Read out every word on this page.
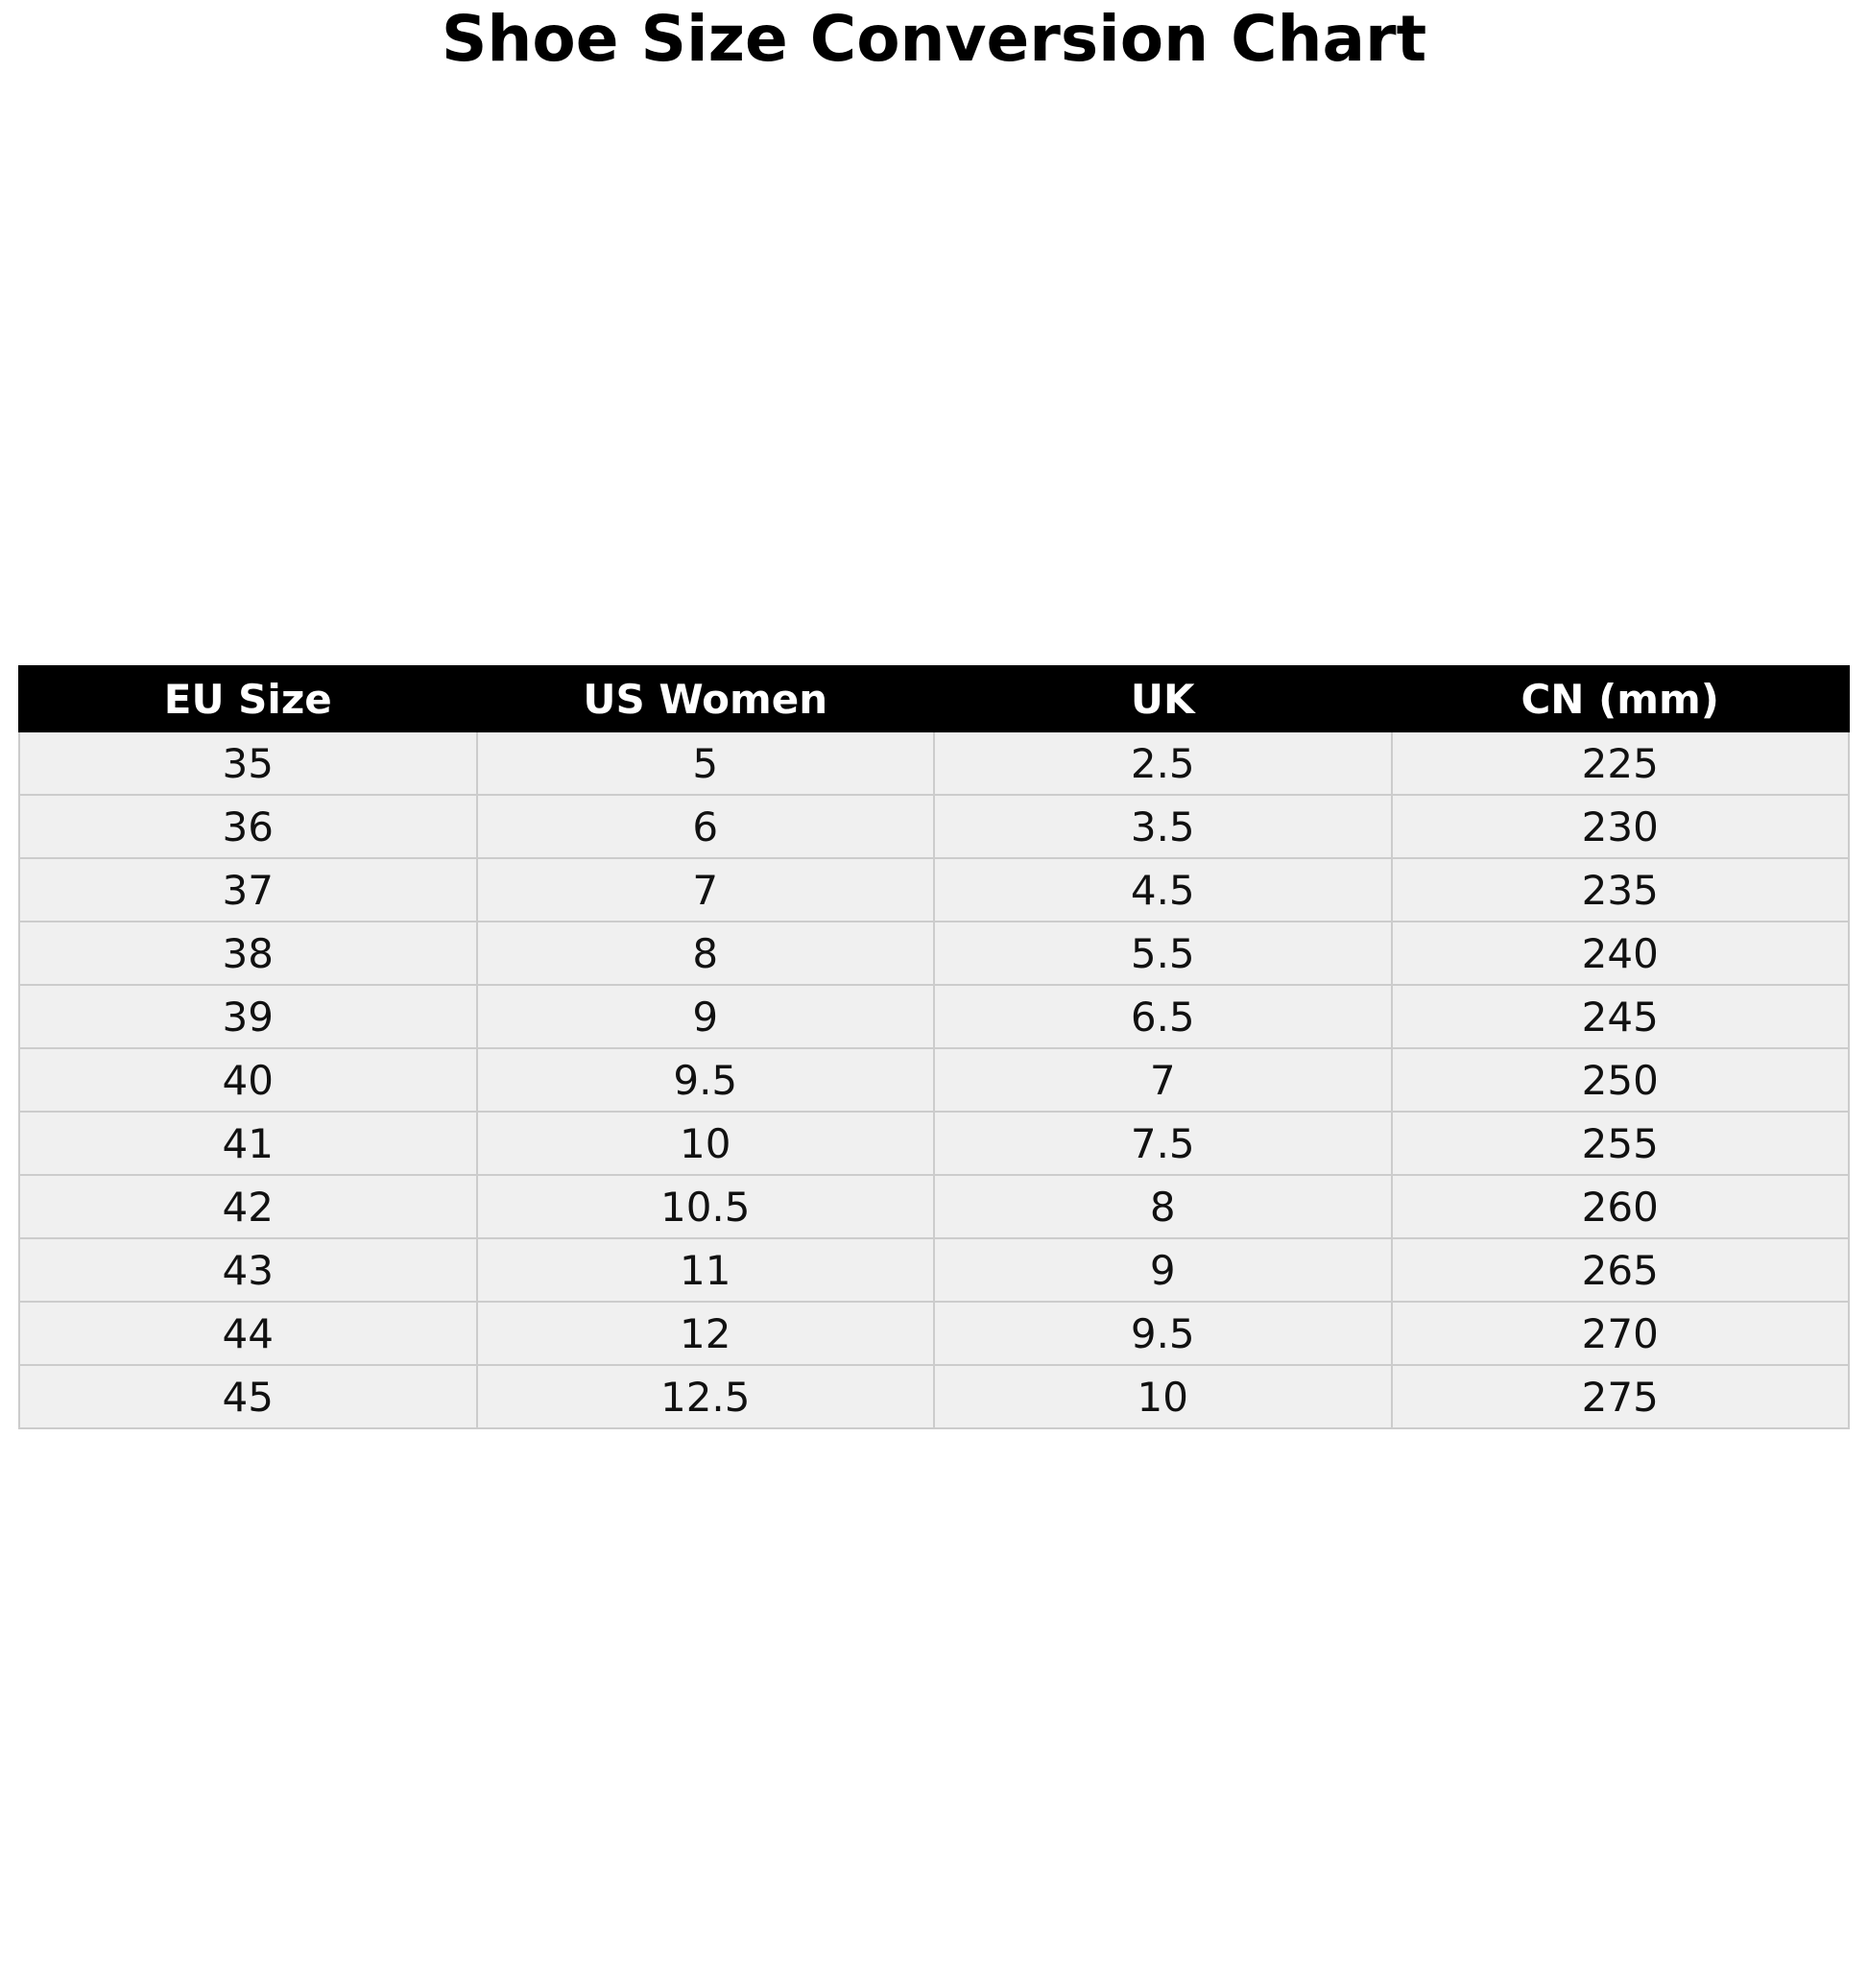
Shoe Size Conversion Chart
EU Size	US Women	UK	CN (mm)
35	5	2.5	225
36	6	3.5	230
37	7	4.5	235
38	8	5.5	240
39	9	6.5	245
40	9.5	7	250
41	10	7.5	255
42	10.5	8	260
43	11	9	265
44	12	9.5	270
45	12.5	10	275
